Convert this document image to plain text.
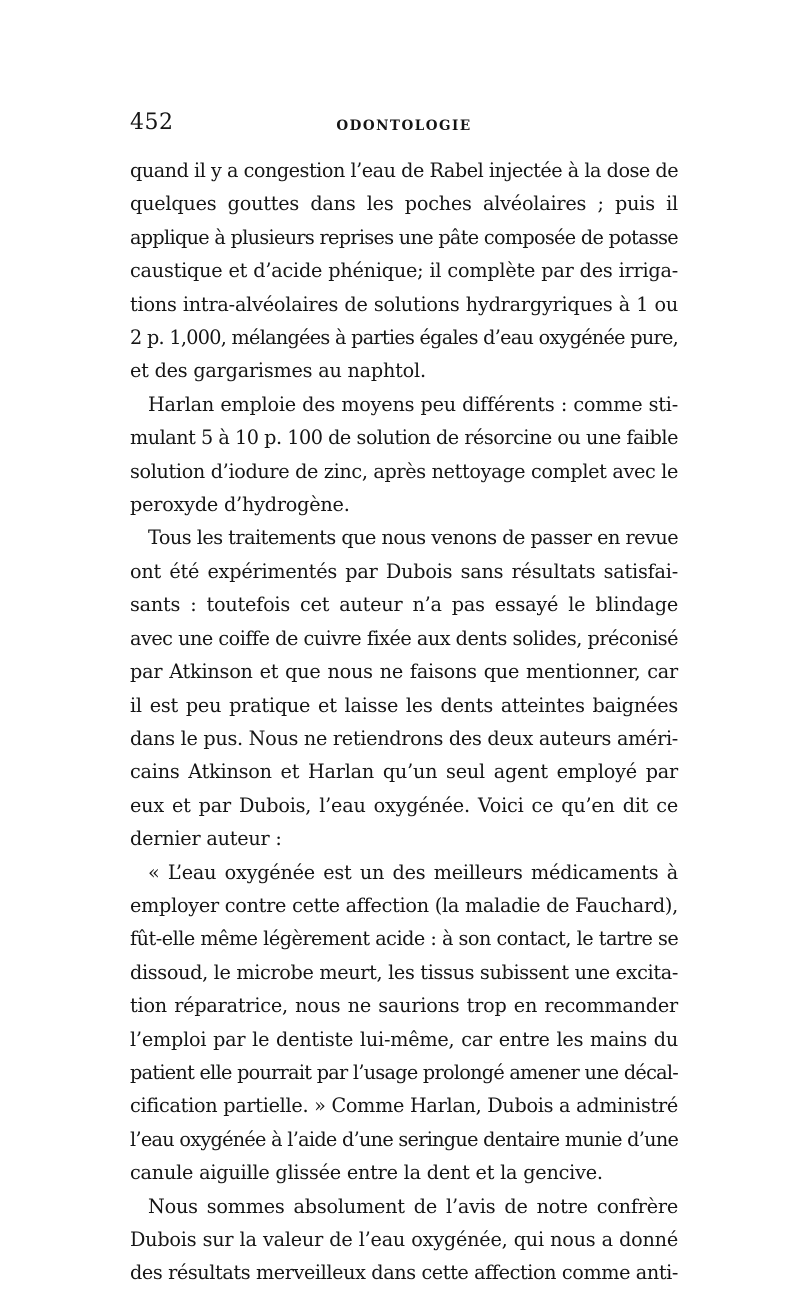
452	ODONTOLOGIE
quand il y a congestion l’eau de Rabel injectée à la dose de
quelques gouttes dans les poches alvéolaires ; puis il
applique à plusieurs reprises une pâte composée de potasse
caustique et d’acide phénique; il complète par des irriga-
tions intra-alvéolaires de solutions hydrargyriques à 1 ou
2 p. 1,000, mélangées à parties égales d’eau oxygénée pure,
et des gargarismes au naphtol.
Harlan emploie des moyens peu différents : comme sti-
mulant 5 à 10 p. 100 de solution de résorcine ou une faible
solution d’iodure de zinc, après nettoyage complet avec le
peroxyde d’hydrogène.
Tous les traitements que nous venons de passer en revue
ont été expérimentés par Dubois sans résultats satisfai-
sants : toutefois cet auteur n’a pas essayé le blindage
avec une coiffe de cuivre fixée aux dents solides, préconisé
par Atkinson et que nous ne faisons que mentionner, car
il est peu pratique et laisse les dents atteintes baignées
dans le pus. Nous ne retiendrons des deux auteurs améri-
cains Atkinson et Harlan qu’un seul agent employé par
eux et par Dubois, l’eau oxygénée. Voici ce qu’en dit ce
dernier auteur :
« L’eau oxygénée est un des meilleurs médicaments à
employer contre cette affection (la maladie de Fauchard),
fût-elle même légèrement acide : à son contact, le tartre se
dissoud, le microbe meurt, les tissus subissent une excita-
tion réparatrice, nous ne saurions trop en recommander
l’emploi par le dentiste lui-même, car entre les mains du
patient elle pourrait par l’usage prolongé amener une décal-
cification partielle. » Comme Harlan, Dubois a administré
l’eau oxygénée à l’aide d’une seringue dentaire munie d’une
canule aiguille glissée entre la dent et la gencive.
Nous sommes absolument de l’avis de notre confrère
Dubois sur la valeur de l’eau oxygénée, qui nous a donné
des résultats merveilleux dans cette affection comme anti-
